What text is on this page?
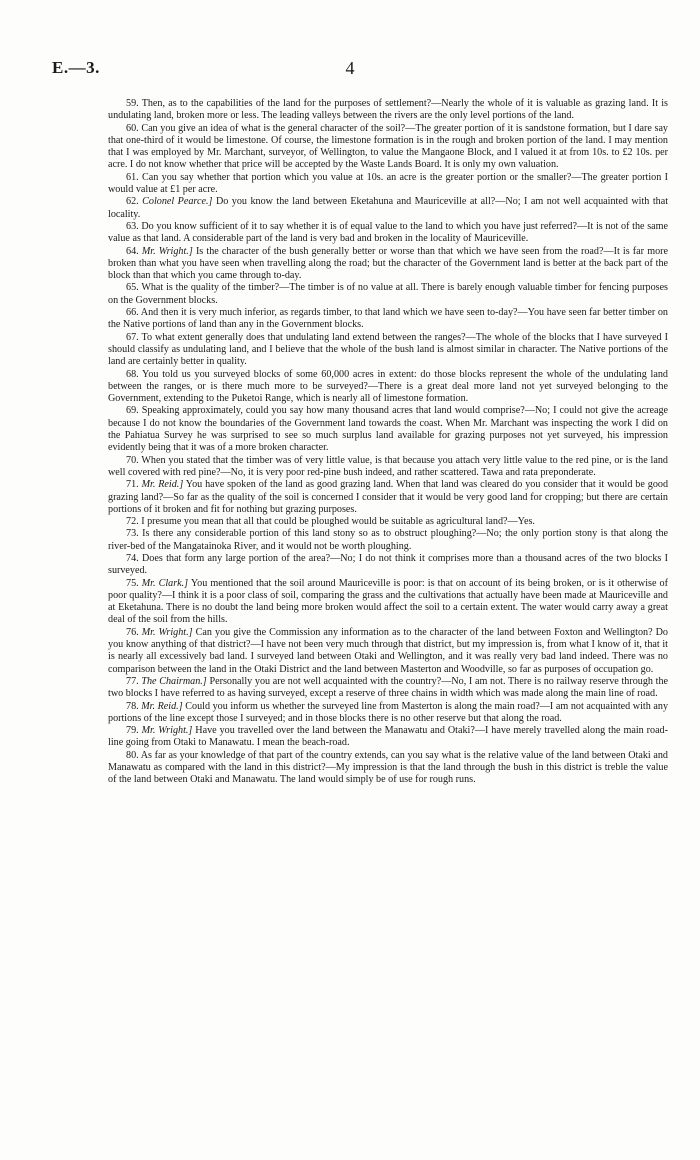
E.—3.	4

59. Then, as to the capabilities of the land for the purposes of settlement?—Nearly the whole of it is valuable as grazing land. It is undulating land, broken more or less. The leading valleys between the rivers are the only level portions of the land.

60. Can you give an idea of what is the general character of the soil?—The greater portion of it is sandstone formation, but I dare say that one-third of it would be limestone. Of course, the limestone formation is in the rough and broken portion of the land. I may mention that I was employed by Mr. Marchant, surveyor, of Wellington, to value the Mangaone Block, and I valued it at from 10s. to £2 10s. per acre. I do not know whether that price will be accepted by the Waste Lands Board. It is only my own valuation.

61. Can you say whether that portion which you value at 10s. an acre is the greater portion or the smaller?—The greater portion I would value at £1 per acre.

62. Colonel Pearce.] Do you know the land between Eketahuna and Mauriceville at all?—No; I am not well acquainted with that locality.

63. Do you know sufficient of it to say whether it is of equal value to the land to which you have just referred?—It is not of the same value as that land. A considerable part of the land is very bad and broken in the locality of Mauriceville.

64. Mr. Wright.] Is the character of the bush generally better or worse than that which we have seen from the road?—It is far more broken than what you have seen when travelling along the road; but the character of the Government land is better at the back part of the block than that which you came through to-day.

65. What is the quality of the timber?—The timber is of no value at all. There is barely enough valuable timber for fencing purposes on the Government blocks.

66. And then it is very much inferior, as regards timber, to that land which we have seen to-day?—You have seen far better timber on the Native portions of land than any in the Government blocks.

67. To what extent generally does that undulating land extend between the ranges?—The whole of the blocks that I have surveyed I should classify as undulating land, and I believe that the whole of the bush land is almost similar in character. The Native portions of the land are certainly better in quality.

68. You told us you surveyed blocks of some 60,000 acres in extent: do those blocks represent the whole of the undulating land between the ranges, or is there much more to be surveyed?—There is a great deal more land not yet surveyed belonging to the Government, extending to the Puketoi Range, which is nearly all of limestone formation.

69. Speaking approximately, could you say how many thousand acres that land would comprise?—No; I could not give the acreage because I do not know the boundaries of the Government land towards the coast. When Mr. Marchant was inspecting the work I did on the Pahiatua Survey he was surprised to see so much surplus land available for grazing purposes not yet surveyed, his impression evidently being that it was of a more broken character.

70. When you stated that the timber was of very little value, is that because you attach very little value to the red pine, or is the land well covered with red pine?—No, it is very poor red-pine bush indeed, and rather scattered. Tawa and rata preponderate.

71. Mr. Reid.] You have spoken of the land as good grazing land. When that land was cleared do you consider that it would be good grazing land?—So far as the quality of the soil is concerned I consider that it would be very good land for cropping; but there are certain portions of it broken and fit for nothing but grazing purposes.

72. I presume you mean that all that could be ploughed would be suitable as agricultural land?—Yes.

73. Is there any considerable portion of this land stony so as to obstruct ploughing?—No; the only portion stony is that along the river-bed of the Mangatainoka River, and it would not be worth ploughing.

74. Does that form any large portion of the area?—No; I do not think it comprises more than a thousand acres of the two blocks I surveyed.

75. Mr. Clark.] You mentioned that the soil around Mauriceville is poor: is that on account of its being broken, or is it otherwise of poor quality?—I think it is a poor class of soil, comparing the grass and the cultivations that actually have been made at Mauriceville and at Eketahuna. There is no doubt the land being more broken would affect the soil to a certain extent. The water would carry away a great deal of the soil from the hills.

76. Mr. Wright.] Can you give the Commission any information as to the character of the land between Foxton and Wellington? Do you know anything of that district?—I have not been very much through that district, but my impression is, from what I know of it, that it is nearly all excessively bad land. I surveyed land between Otaki and Wellington, and it was really very bad land indeed. There was no comparison between the land in the Otaki District and the land between Masterton and Woodville, so far as purposes of occupation go.

77. The Chairman.] Personally you are not well acquainted with the country?—No, I am not. There is no railway reserve through the two blocks I have referred to as having surveyed, except a reserve of three chains in width which was made along the main line of road.

78. Mr. Reid.] Could you inform us whether the surveyed line from Masterton is along the main road?—I am not acquainted with any portions of the line except those I surveyed; and in those blocks there is no other reserve but that along the road.

79. Mr. Wright.] Have you travelled over the land between the Manawatu and Otaki?—I have merely travelled along the main road-line going from Otaki to Manawatu. I mean the beach-road.

80. As far as your knowledge of that part of the country extends, can you say what is the relative value of the land between Otaki and Manawatu as compared with the land in this district?—My impression is that the land through the bush in this district is treble the value of the land between Otaki and Manawatu. The land would simply be of use for rough runs.
